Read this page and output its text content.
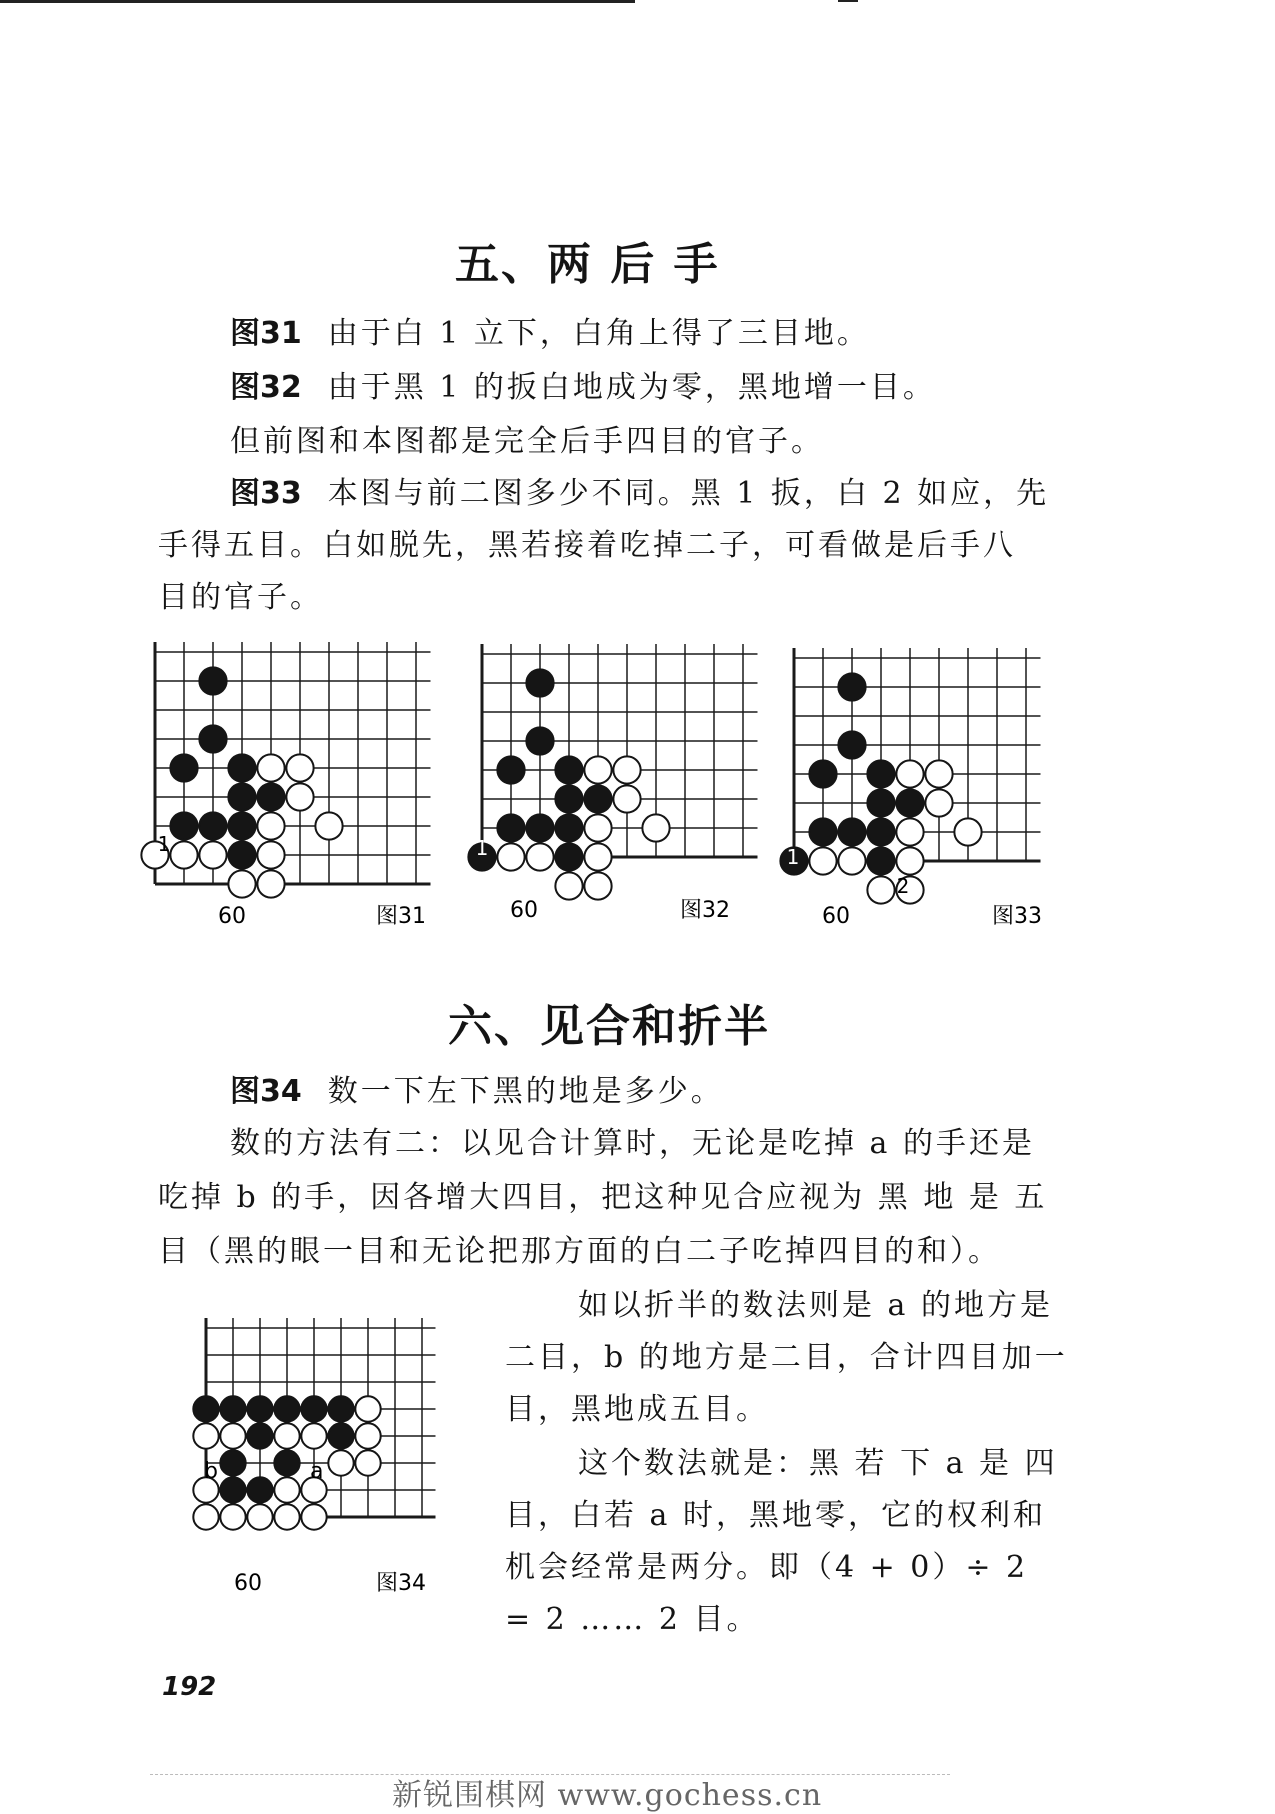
五、两 后 手
图31 由于白 1 立下，白角上得了三目地。
图32 由于黑 1 的扳白地成为零，黑地增一目。
但前图和本图都是完全后手四目的官子。
图33 本图与前二图多少不同。黑 1 扳，白 2 如应，先
手得五目。白如脱先，黑若接着吃掉二子，可看做是后手八
目的官子。
1
60	图31
1
60	图32
1
2
60	图33
六、见合和折半
图34 数一下左下黑的地是多少。
数的方法有二：以见合计算时，无论是吃掉 a 的手还是
吃掉 b 的手，因各增大四目，把这种见合应视为 黑 地 是 五
目（黑的眼一目和无论把那方面的白二子吃掉四目的和）。
b	a
60	图34
如以折半的数法则是 a 的地方是
二目，b 的地方是二目，合计四目加一
目，黑地成五目。
这个数法就是：黑 若 下 a 是 四
目，白若 a 时，黑地零，它的权利和
机会经常是两分。即（4 + 0）÷ 2
= 2 …… 2 目。
192
新锐围棋网 www.gochess.cn
